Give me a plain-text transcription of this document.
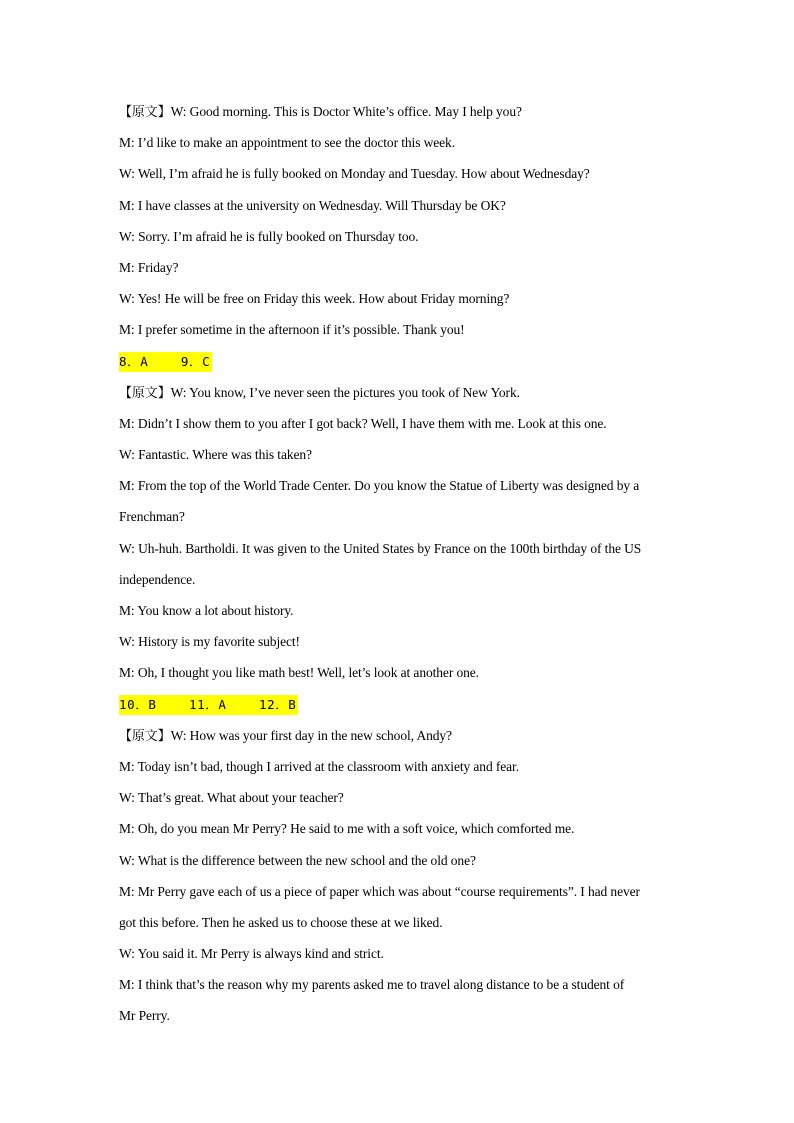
【原文】W: Good morning. This is Doctor White’s office. May I help you?
M: I’d like to make an appointment to see the doctor this week.
W: Well, I’m afraid he is fully booked on Monday and Tuesday. How about Wednesday?
M: I have classes at the university on Wednesday. Will Thursday be OK?
W: Sorry. I’m afraid he is fully booked on Thursday too.
M: Friday?
W: Yes! He will be free on Friday this week. How about Friday morning?
M: I prefer sometime in the afternoon if it’s possible. Thank you!
8．A    9．C
【原文】W: You know, I’ve never seen the pictures you took of New York.
M: Didn’t I show them to you after I got back? Well, I have them with me. Look at this one.
W: Fantastic. Where was this taken?
M: From the top of the World Trade Center. Do you know the Statue of Liberty was designed by a
Frenchman?
W: Uh-huh. Bartholdi. It was given to the United States by France on the 100th birthday of the US
independence.
M: You know a lot about history.
W: History is my favorite subject!
M: Oh, I thought you like math best! Well, let’s look at another one.
10．B    11．A    12．B
【原文】W: How was your first day in the new school, Andy?
M: Today isn’t bad, though I arrived at the classroom with anxiety and fear.
W: That’s great. What about your teacher?
M: Oh, do you mean Mr Perry? He said to me with a soft voice, which comforted me.
W: What is the difference between the new school and the old one?
M: Mr Perry gave each of us a piece of paper which was about “course requirements”. I had never
got this before. Then he asked us to choose these at we liked.
W: You said it. Mr Perry is always kind and strict.
M: I think that’s the reason why my parents asked me to travel along distance to be a student of
Mr Perry.
